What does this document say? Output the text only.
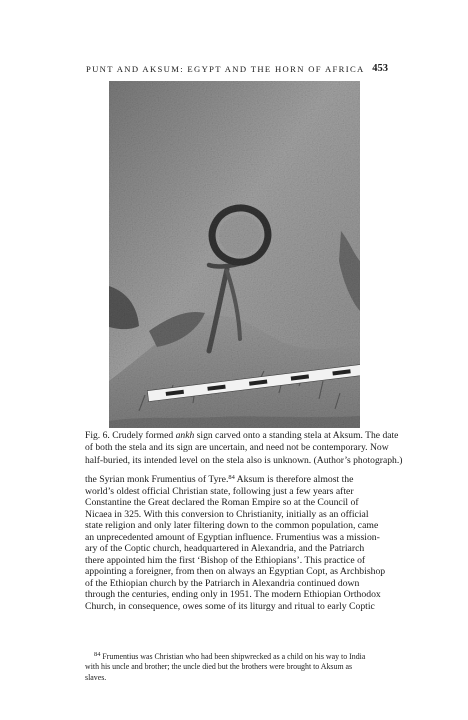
PUNT AND AKSUM: EGYPT AND THE HORN OF AFRICA 453

Fig. 6. Crudely formed ankh sign carved onto a standing stela at Aksum. The date
of both the stela and its sign are uncertain, and need not be contemporary. Now
half-buried, its intended level on the stela also is unknown. (Author’s photograph.)

the Syrian monk Frumentius of Tyre.$^{84}$ Aksum is therefore almost the
world’s oldest official Christian state, following just a few years after
Constantine the Great declared the Roman Empire so at the Council of
Nicaea in 325. With this conversion to Christianity, initially as an official
state religion and only later filtering down to the common population, came
an unprecedented amount of Egyptian influence. Frumentius was a mission-
ary of the Coptic church, headquartered in Alexandria, and the Patriarch
there appointed him the first ‘Bishop of the Ethiopians’. This practice of
appointing a foreigner, from then on always an Egyptian Copt, as Archbishop
of the Ethiopian church by the Patriarch in Alexandria continued down
through the centuries, ending only in 1951. The modern Ethiopian Orthodox
Church, in consequence, owes some of its liturgy and ritual to early Coptic

$^{84}$ Frumentius was Christian who had been shipwrecked as a child on his way to India
with his uncle and brother; the uncle died but the brothers were brought to Aksum as
slaves.
